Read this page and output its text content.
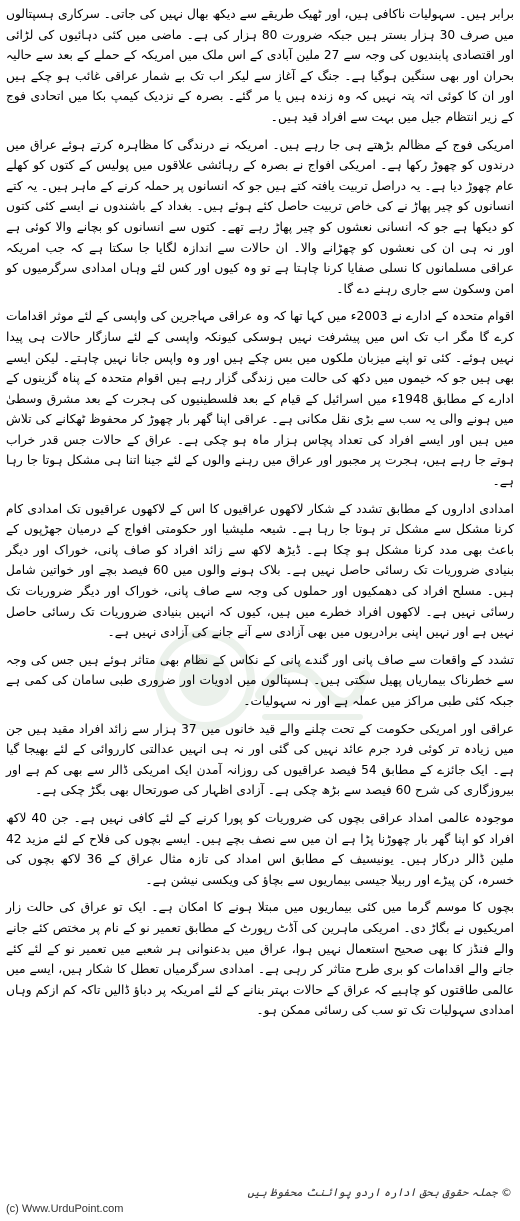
برابر ہیں۔ سہولیات ناکافی ہیں، اور ٹھیک طریقے سے دیکھ بھال نہیں کی جاتی۔ سرکاری ہسپتالوں میں صرف 30 ہزار بستر ہیں جبکہ ضرورت 80 ہزار کی ہے۔ ماضی میں کئی دہائیوں کی لڑائی اور اقتصادی پابندیوں کی وجہ سے 27 ملین آبادی کے اس ملک میں امریکہ کے حملے کے بعد سے حالیہ بحران اور بھی سنگین ہوگیا ہے۔ جنگ کے آغاز سے لیکر اب تک بے شمار عراقی غائب ہو چکے ہیں اور ان کا کوئی اتہ پتہ نہیں کہ وہ زندہ ہیں یا مر گئے۔ بصرہ کے نزدیک کیمپ بکا میں اتحادی فوج کے زیر انتظام جیل میں بہت سے افراد قید ہیں۔

امریکی فوج کے مظالم بڑھتے ہی جا رہے ہیں۔ امریکہ نے درندگی کا مظاہرہ کرتے ہوئے عراق میں درندوں کو چھوڑ رکھا ہے۔ امریکی افواج نے بصرہ کے رہائشی علاقوں میں پولیس کے کتوں کو کھلے عام چھوڑ دیا ہے۔ یہ دراصل تربیت یافتہ کتے ہیں جو کہ انسانوں پر حملہ کرنے کے ماہر ہیں۔ یہ کتے انسانوں کو چیر پھاڑ نے کی خاص تربیت حاصل کئے ہوئے ہیں۔ بغداد کے باشندوں نے ایسے کئی کتوں کو دیکھا ہے جو کہ انسانی نعشوں کو چیر پھاڑ رہے تھے۔ کتوں سے انسانوں کو بچانے والا کوئی ہے اور نہ ہی ان کی نعشوں کو چھڑانے والا۔ ان حالات سے اندازہ لگایا جا سکتا ہے کہ جب امریکہ عراقی مسلمانوں کا نسلی صفایا کرنا چاہتا ہے تو وہ کیوں اور کس لئے وہاں امدادی سرگرمیوں کو امن وسکون سے جاری رہنے دے گا۔

اقوام متحدہ کے ادارے نے 2003ء میں کہا تھا کہ وہ عراقی مہاجرین کی واپسی کے لئے موثر اقدامات کرے گا مگر اب تک اس میں پیشرفت نہیں ہوسکی کیونکہ واپسی کے لئے سازگار حالات ہی پیدا نہیں ہوئے۔ کئی تو اپنے میزبان ملکوں میں بس چکے ہیں اور وہ واپس جانا نہیں چاہتے۔ لیکن ایسے بھی ہیں جو کہ خیموں میں دکھ کی حالت میں زندگی گزار رہے ہیں اقوام متحدہ کے پناہ گزینوں کے ادارے کے مطابق 1948ء میں اسرائیل کے قیام کے بعد فلسطینیوں کی ہجرت کے بعد مشرق وسطیٰ میں ہونے والی یہ سب سے بڑی نقل مکانی ہے۔ عراقی اپنا گھر بار چھوڑ کر محفوظ ٹھکانے کی تلاش میں ہیں اور ایسے افراد کی تعداد پچاس ہزار ماہ ہو چکی ہے۔ عراق کے حالات جس قدر خراب ہوتے جا رہے ہیں، ہجرت پر مجبور اور عراق میں رہنے والوں کے لئے جینا اتنا ہی مشکل ہوتا جا رہا ہے۔

امدادی اداروں کے مطابق تشدد کے شکار لاکھوں عراقیوں کا اس کے لاکھوں عراقیوں تک امدادی کام کرنا مشکل سے مشکل تر ہوتا جا رہا ہے۔ شیعہ ملیشیا اور حکومتی افواج کے درمیان جھڑپوں کے باعث بھی مدد کرنا مشکل ہو چکا ہے۔ ڈیڑھ لاکھ سے زائد افراد کو صاف پانی، خوراک اور دیگر بنیادی ضروریات تک رسائی حاصل نہیں ہے۔ بلاک ہونے والوں میں 60 فیصد بچے اور خواتین شامل ہیں۔ مسلح افراد کی دھمکیوں اور حملوں کی وجہ سے صاف پانی، خوراک اور دیگر ضروریات تک رسائی نہیں ہے۔ لاکھوں افراد خطرے میں ہیں، کیوں کہ انہیں بنیادی ضروریات تک رسائی حاصل نہیں ہے اور نہیں اپنی برادریوں میں بھی آزادی سے آنے جانے کی آزادی نہیں ہے۔

تشدد کے واقعات سے صاف پانی اور گندے پانی کے نکاس کے نظام بھی متاثر ہوئے ہیں جس کی وجہ سے خطرناک بیماریاں پھیل سکتی ہیں۔ ہسپتالوں میں ادویات اور ضروری طبی سامان کی کمی ہے جبکہ کئی طبی مراکز میں عملہ ہے اور نہ سہولیات۔

عراقی اور امریکی حکومت کے تحت چلنے والے قید خانوں میں 37 ہزار سے زائد افراد مقید ہیں جن میں زیادہ تر کوئی فرد جرم عائد نہیں کی گئی اور نہ ہی انہیں عدالتی کارروائی کے لئے بھیجا گیا ہے۔ ایک جائزے کے مطابق 54 فیصد عراقیوں کی روزانہ آمدن ایک امریکی ڈالر سے بھی کم ہے اور بیروزگاری کی شرح 60 فیصد سے بڑھ چکی ہے۔ آزادی اظہار کی صورتحال بھی بگڑ چکی ہے۔

موجودہ عالمی امداد عراقی بچوں کی ضروریات کو پورا کرنے کے لئے کافی نہیں ہے۔ جن 40 لاکھ افراد کو اپنا گھر بار چھوڑنا پڑا ہے ان میں سے نصف بچے ہیں۔ ایسے بچوں کی فلاح کے لئے مزید 42 ملین ڈالر درکار ہیں۔ یونیسیف کے مطابق اس امداد کی تازہ مثال عراق کے 36 لاکھ بچوں کی خسرہ، کن پیڑے اور ربیلا جیسی بیماریوں سے بچاؤ کی ویکسی نیشن ہے۔

بچوں کا موسم گرما میں کئی بیماریوں میں مبتلا ہونے کا امکان ہے۔ ایک تو عراق کی حالت زار امریکیوں نے بگاڑ دی۔ امریکی ماہرین کی آڈٹ رپورٹ کے مطابق تعمیر نو کے نام پر مختص کئے جانے والے فنڈز کا بھی صحیح استعمال نہیں ہوا، عراق میں بدعنوانی ہر شعبے میں تعمیر نو کے لئے کئے جانے والے اقدامات کو بری طرح متاثر کر رہی ہے۔ امدادی سرگرمیاں تعطل کا شکار ہیں، ایسے میں عالمی طاقتوں کو چاہیے کہ عراق کے حالات بہتر بنانے کے لئے امریکہ پر دباؤ ڈالیں تاکہ کم ازکم وہاں امدادی سہولیات تک تو سب کی رسائی ممکن ہو۔

© جملہ حقوق بحق ادارہ اردو پوائنٹ محفوظ ہیں
(c) Www.UrduPoint.com
